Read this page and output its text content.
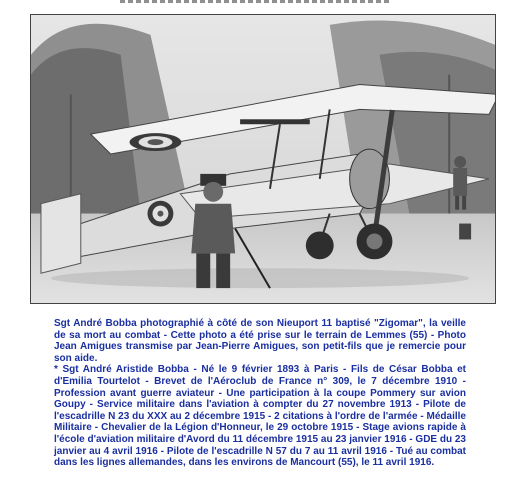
Sgt André Bobba photographié à côté de son Nieuport 11 baptisé "Zigomar", la veille de sa mort au combat - Cette photo a été prise sur le terrain de Lemmes (55) - Photo Jean Amigues transmise par Jean-Pierre Amigues, son petit-fils que je remercie pour son aide.

* Sgt André Aristide Bobba - Né le 9 février 1893 à Paris - Fils de César Bobba et d'Emilia Tourtelot - Brevet de l'Aéroclub de France n° 309, le 7 décembre 1910 - Profession avant guerre aviateur - Une participation à la coupe Pommery sur avion Goupy - Service militaire dans l'aviation à compter du 27 novembre 1913 - Pilote de l'escadrille N 23 du XXX au 2 décembre 1915 - 2 citations à l'ordre de l'armée - Médaille Militaire - Chevalier de la Légion d'Honneur, le 29 octobre 1915 - Stage avions rapide à l'école d'aviation militaire d'Avord du 11 décembre 1915 au 23 janvier 1916 - GDE du 23 janvier au 4 avril 1916 - Pilote de l'escadrille N 57 du 7 au 11 avril 1916 - Tué au combat dans les lignes allemandes, dans les environs de Mancourt (55), le 11 avril 1916.
